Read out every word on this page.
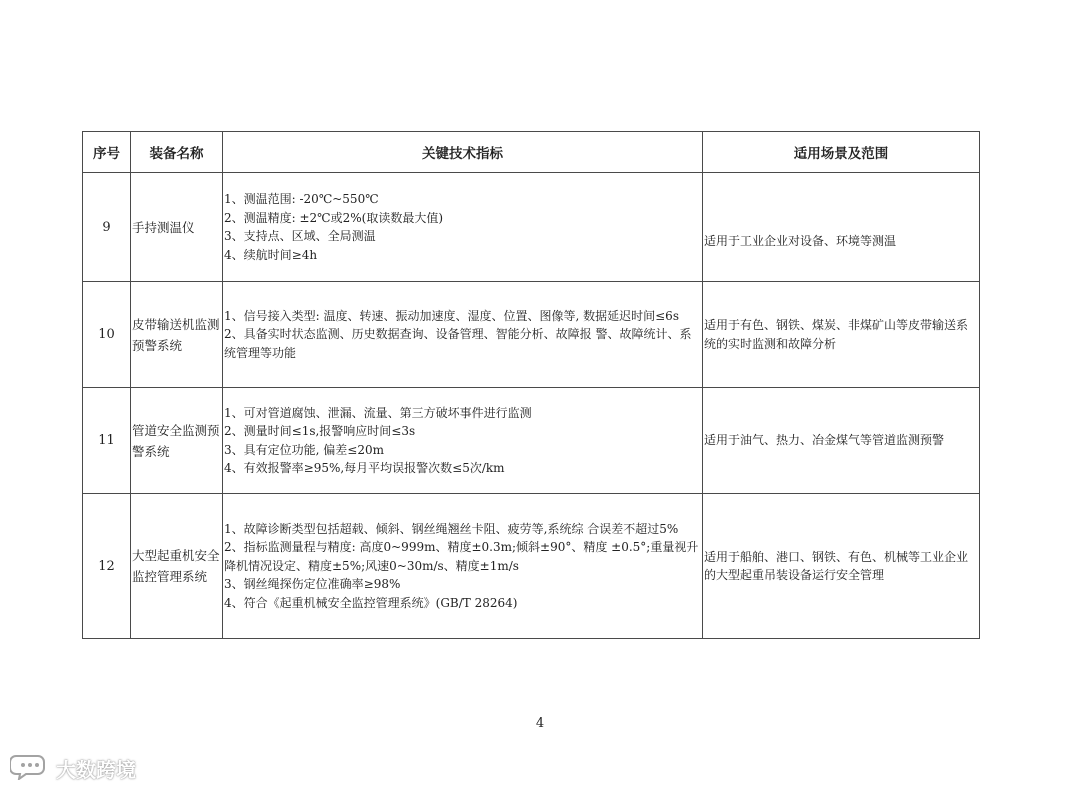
序号	装备名称	关键技术指标	适用场景及范围
9	手持测温仪	1、测温范围: -20℃~550℃
2、测温精度: ±2℃或2%(取读数最大值)
3、支持点、区域、全局测温
4、续航时间≥4h	适用于工业企业对设备、环境等测温
10	皮带输送机监测预警系统	1、信号接入类型: 温度、转速、振动加速度、湿度、位置、图像等, 数据延迟时间≤6s
2、具备实时状态监测、历史数据查询、设备管理、智能分析、故障报 警、故障统计、系统管理等功能	适用于有色、钢铁、煤炭、非煤矿山等皮带输送系统的实时监测和故障分析
11	管道安全监测预警系统	1、可对管道腐蚀、泄漏、流量、第三方破坏事件进行监测
2、测量时间≤1s,报警响应时间≤3s
3、具有定位功能, 偏差≤20m
4、有效报警率≥95%,每月平均误报警次数≤5次/km	适用于油气、热力、冶金煤气等管道监测预警
12	大型起重机安全监控管理系统	1、故障诊断类型包括超载、倾斜、钢丝绳翘丝卡阻、疲劳等,系统综 合误差不超过5%
2、指标监测量程与精度: 高度0~999m、精度±0.3m;倾斜±90°、精度 ±0.5°;重量视升降机情况设定、精度±5%;风速0~30m/s、精度±1m/s
3、钢丝绳探伤定位准确率≥98%
4、符合《起重机械安全监控管理系统》(GB/T 28264)	适用于船舶、港口、钢铁、有色、机械等工业企业的大型起重吊装设备运行安全管理
4
大数跨境
